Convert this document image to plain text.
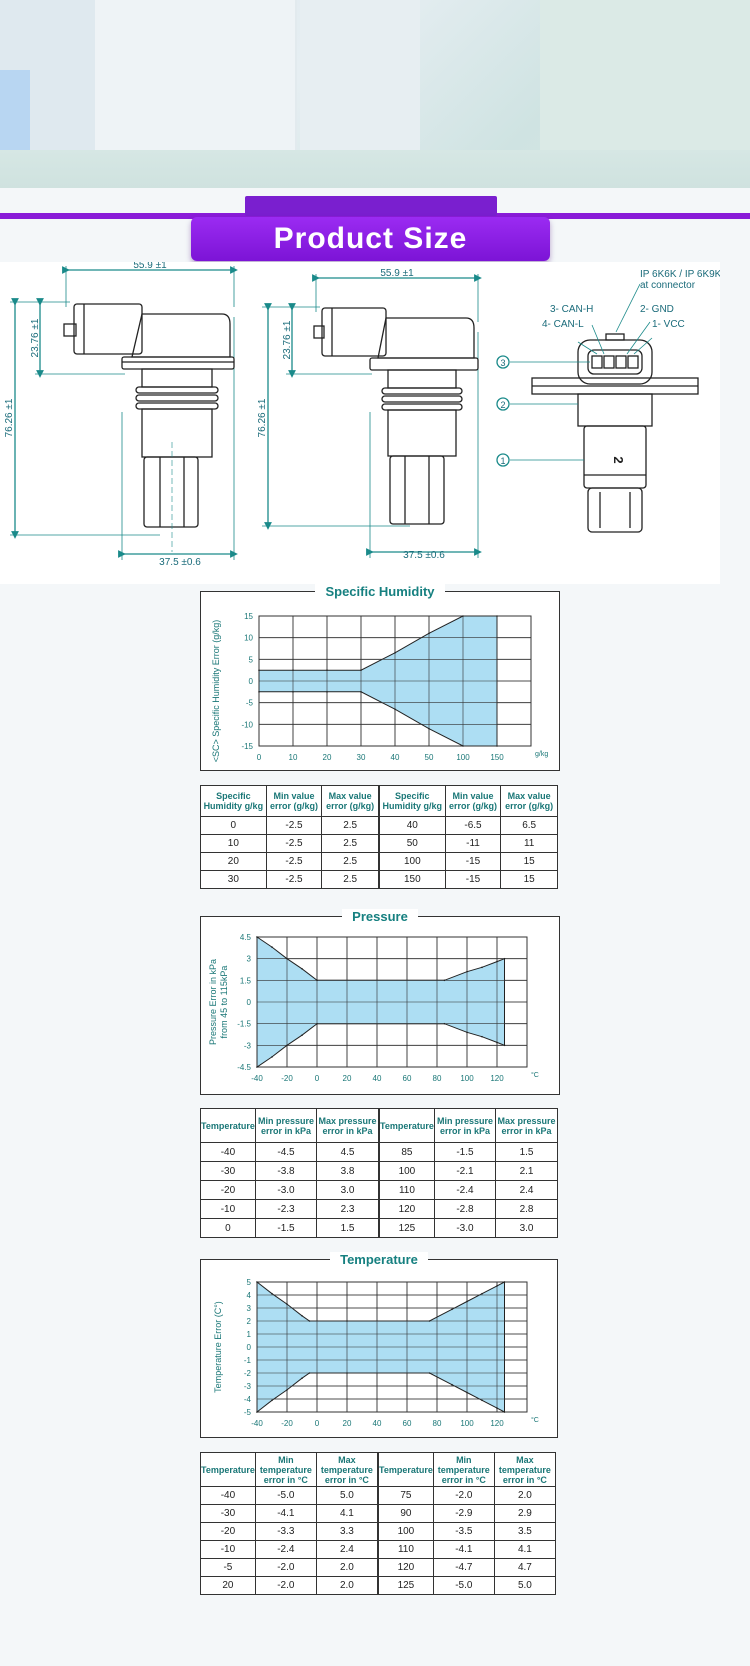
Product Size
55.9 ±1
55.9 ±1
23.76 ±1	23.76 ±1
76.26 ±1	76.26 ±1
37.5 ±0.6
37.5 ±0.6
IP 6K6K / IP 6K9K
at connector
3- CAN-H	2- GND
4- CAN-L	1- VCC
3
2
1	2
Specific Humidity
15
10
5
0
-5
-10
-15
0	10	20	30	40	50	100	150	g/kg
<SC> Specific Humidity Error (g/kg)
Specific Humidity g/kg	Min value error (g/kg)	Max value error (g/kg)	Specific Humidity g/kg	Min value error (g/kg)	Max value error (g/kg)
0	-2.5	2.5	40	-6.5	6.5
10	-2.5	2.5	50	-11	11
20	-2.5	2.5	100	-15	15
30	-2.5	2.5	150	-15	15
Pressure
4.5
3
1.5
0
-1.5
-3
-4.5
-40 -20	0	20	40	60	80 100 120	°C
Pressure Error in kPa from 45 to 115kPa
Temperature	Min pressure error in kPa	Max pressure error in kPa	Temperature	Min pressure error in kPa	Max pressure error in kPa
-40	-4.5	4.5	85	-1.5	1.5
-30	-3.8	3.8	100	-2.1	2.1
-20	-3.0	3.0	110	-2.4	2.4
-10	-2.3	2.3	120	-2.8	2.8
0	-1.5	1.5	125	-3.0	3.0
Temperature
5
4
3
2
1
0
-1
-2
-3
-4
-5
-40 -20	0	20	40	60	80 100 120	°C
Temperature Error (C°)
Temperature	Min temperature error in °C	Max temperature error in °C	Temperature	Min temperature error in °C	Max temperature error in °C
-40	-5.0	5.0	75	-2.0	2.0
-30	-4.1	4.1	90	-2.9	2.9
-20	-3.3	3.3	100	-3.5	3.5
-10	-2.4	2.4	110	-4.1	4.1
-5	-2.0	2.0	120	-4.7	4.7
20	-2.0	2.0	125	-5.0	5.0
